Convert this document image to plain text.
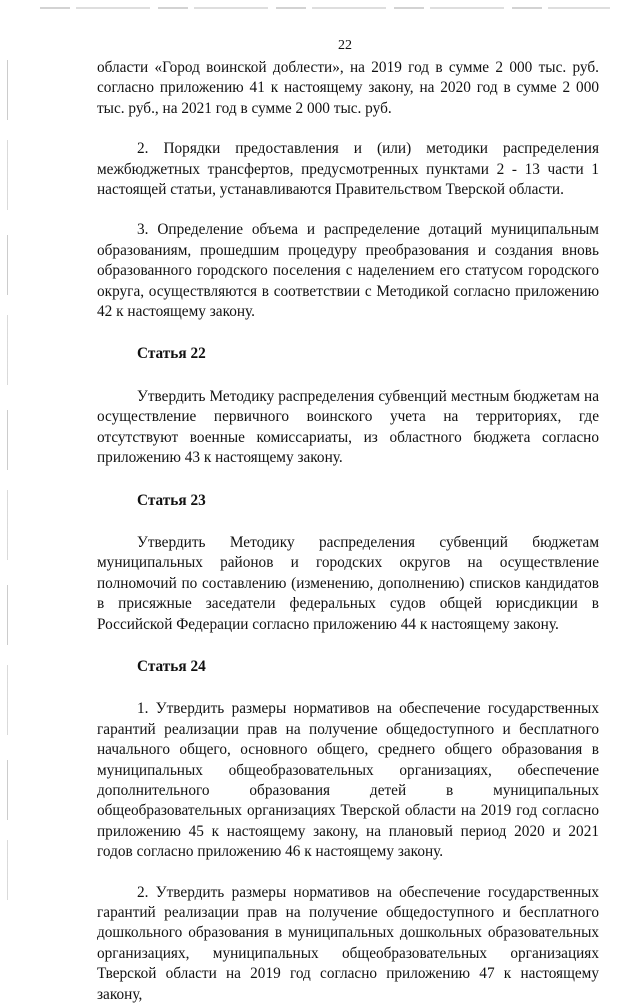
22

области «Город воинской доблести», на 2019 год в сумме 2 000 тыс. руб. согласно приложению 41 к настоящему закону, на 2020 год в сумме 2 000 тыс. руб., на 2021 год в сумме 2 000 тыс. руб.

2. Порядки предоставления и (или) методики распределения межбюджетных трансфертов, предусмотренных пунктами 2 - 13 части 1 настоящей статьи, устанавливаются Правительством Тверской области.

3. Определение объема и распределение дотаций муниципальным образованиям, прошедшим процедуру преобразования и создания вновь образованного городского поселения с наделением его статусом городского округа, осуществляются в соответствии с Методикой согласно приложению 42 к настоящему закону.

Статья 22

Утвердить Методику распределения субвенций местным бюджетам на осуществление первичного воинского учета на территориях, где отсутствуют военные комиссариаты, из областного бюджета согласно приложению 43 к настоящему закону.

Статья 23

Утвердить Методику распределения субвенций бюджетам муниципальных районов и городских округов на осуществление полномочий по составлению (изменению, дополнению) списков кандидатов в присяжные заседатели федеральных судов общей юрисдикции в Российской Федерации согласно приложению 44 к настоящему закону.

Статья 24

1. Утвердить размеры нормативов на обеспечение государственных гарантий реализации прав на получение общедоступного и бесплатного начального общего, основного общего, среднего общего образования в муниципальных общеобразовательных организациях, обеспечение дополнительного образования детей в муниципальных общеобразовательных организациях Тверской области на 2019 год согласно приложению 45 к настоящему закону, на плановый период 2020 и 2021 годов согласно приложению 46 к настоящему закону.

2. Утвердить размеры нормативов на обеспечение государственных гарантий реализации прав на получение общедоступного и бесплатного дошкольного образования в муниципальных дошкольных образовательных организациях, муниципальных общеобразовательных организациях Тверской области на 2019 год согласно приложению 47 к настоящему закону,
